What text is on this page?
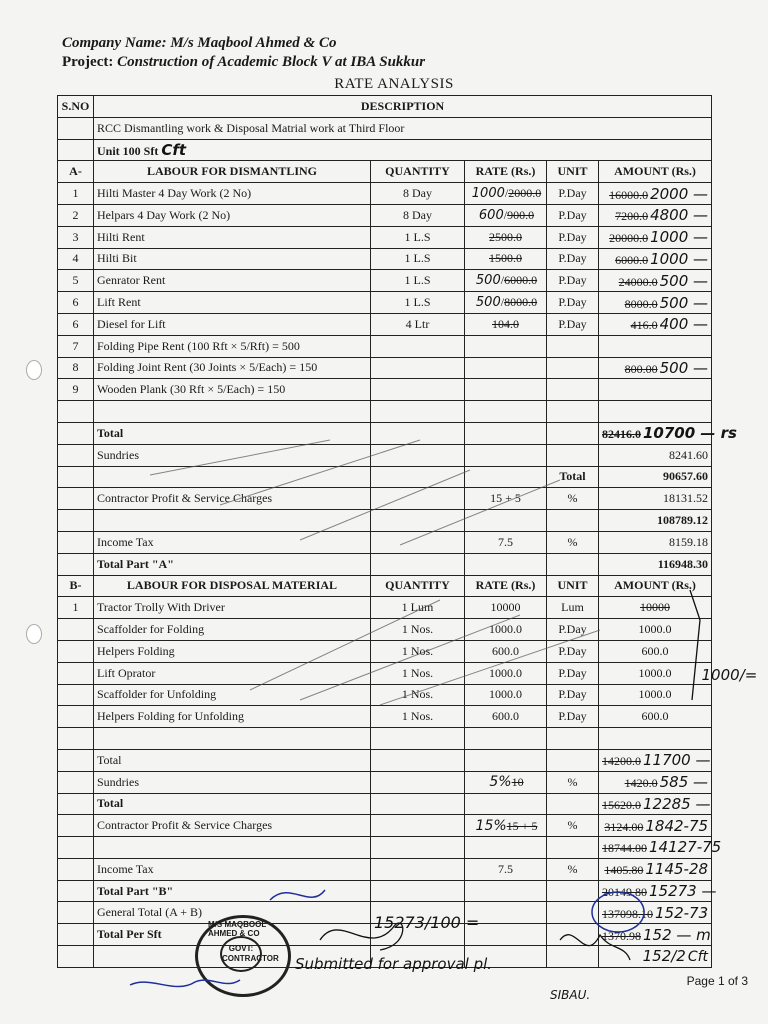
Company Name: M/s Maqbool Ahmed & Co
Project: Construction of Academic Block V at IBA Sukkur
RATE ANALYSIS
S.NO	DESCRIPTION				
	RCC Dismantling work & Disposal Matrial work at Third Floor				
	Unit 100 Sft Cft				
A-	LABOUR FOR DISMANTLING	QUANTITY	RATE (Rs.)	UNIT	AMOUNT (Rs.)
1	Hilti Master 4 Day Work (2 No)	8 Day	1000/2000.0	P.Day	16000.0 2000 —
2	Helpars 4 Day Work (2 No)	8 Day	600/900.0	P.Day	7200.0 4800 —
3	Hilti Rent	1 L.S	2500.0	P.Day	20000.0 1000 —
4	Hilti Bit	1 L.S	1500.0	P.Day	6000.0 1000 —
5	Genrator Rent	1 L.S	500/6000.0	P.Day	24000.0 500 —
6	Lift Rent	1 L.S	500/8000.0	P.Day	8000.0 500 —
6	Diesel for Lift	4 Ltr	104.0	P.Day	416.0 400 —
7	Folding Pipe Rent (100 Rft × 5/Rft) = 500				
8	Folding Joint Rent (30 Joints × 5/Each) = 150				800.00 500 —
9	Wooden Plank (30 Rft × 5/Each) = 150				

	Total				82416.0 10700 — rs
	Sundries				8241.60
				Total	90657.60
	Contractor Profit & Service Charges		15 + 5	%	18131.52
					108789.12
	Income Tax		7.5	%	8159.18
	Total Part "A"				116948.30
B-	LABOUR FOR DISPOSAL MATERIAL	QUANTITY	RATE (Rs.)	UNIT	AMOUNT (Rs.)
1	Tractor Trolly With Driver	1 Lum	10000	Lum	10000
	Scaffolder for Folding	1 Nos.	1000.0	P.Day	1000.0
	Helpers Folding	1 Nos.	600.0	P.Day	600.0
	Lift Oprator	1 Nos.	1000.0	P.Day	1000.0 1000/=

	Scaffolder for Unfolding	1 Nos.	1000.0	P.Day	1000.0
	Helpers Folding for Unfolding	1 Nos.	600.0	P.Day	600.0

	Total				14200.0 11700 —
	Sundries		5%10	%	1420.0 585 —
	Total				15620.0 12285 —
	Contractor Profit & Service Charges		15%15 + 5	%	3124.00 1842-75
					18744.00 14127-75
	Income Tax		7.5	%	1405.80 1145-28
	Total Part "B"				20149.80 15273 —
	General Total (A + B)	15273/100 =			137098.10 152-73
	Total Per Sft				1370.98 152 — m
					152/2 Cft
M/S MAQBOOL AHMED & CO
GOVT: CONTRACTOR Submitted for approval pl.
SIBAU.
Page 1 of 3
